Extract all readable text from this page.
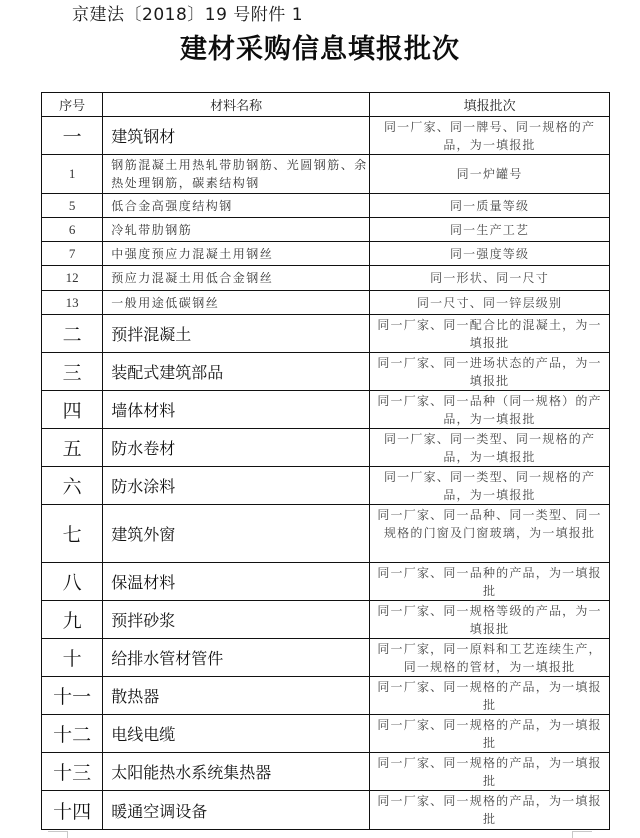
京建法〔2018〕19 号附件 1
建材采购信息填报批次
序号	材料名称	填报批次
一	建筑钢材	同一厂家、同一牌号、同一规格的产品，为一填报批
1	钢筋混凝土用热轧带肋钢筋、光圆钢筋、余热处理钢筋，碳素结构钢	同一炉罐号
5	低合金高强度结构钢	同一质量等级
6	冷轧带肋钢筋	同一生产工艺
7	中强度预应力混凝土用钢丝	同一强度等级
12	预应力混凝土用低合金钢丝	同一形状、同一尺寸
13	一般用途低碳钢丝	同一尺寸、同一锌层级别
二	预拌混凝土	同一厂家、同一配合比的混凝土，为一填报批
三	装配式建筑部品	同一厂家、同一进场状态的产品，为一填报批
四	墙体材料	同一厂家、同一品种（同一规格）的产品，为一填报批
五	防水卷材	同一厂家、同一类型、同一规格的产品，为一填报批
六	防水涂料	同一厂家、同一类型、同一规格的产品，为一填报批
七	建筑外窗	同一厂家、同一品种、同一类型、同一规格的门窗及门窗玻璃，为一填报批
八	保温材料	同一厂家、同一品种的产品，为一填报批
九	预拌砂浆	同一厂家、同一规格等级的产品，为一填报批
十	给排水管材管件	同一厂家，同一原料和工艺连续生产，同一规格的管材，为一填报批
十一	散热器	同一厂家、同一规格的产品，为一填报批
十二	电线电缆	同一厂家、同一规格的产品，为一填报批
十三	太阳能热水系统集热器	同一厂家、同一规格的产品，为一填报批
十四	暖通空调设备	同一厂家、同一规格的产品，为一填报批
